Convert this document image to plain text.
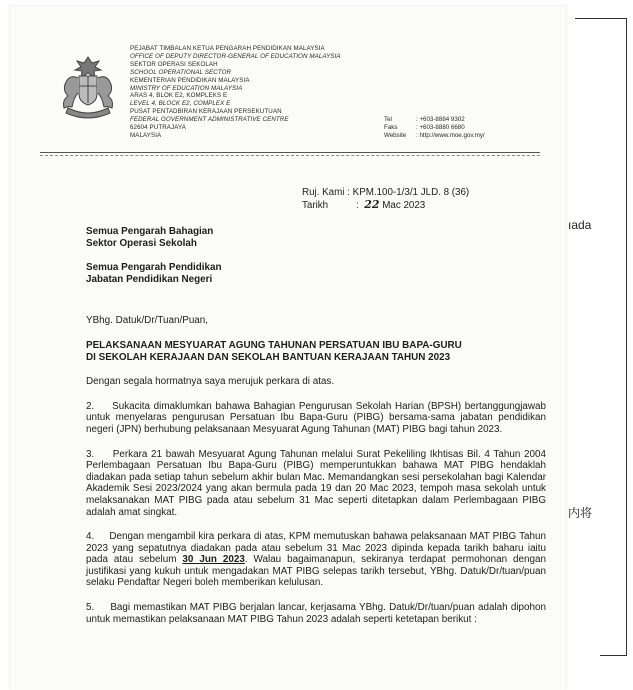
ıada
内将
PEJABAT TIMBALAN KETUA PENGARAH PENDIDIKAN MALAYSIA
OFFICE OF DEPUTY DIRECTOR-GENERAL OF EDUCATION MALAYSIA
SEKTOR OPERASI SEKOLAH
SCHOOL OPERATIONAL SECTOR
KEMENTERIAN PENDIDIKAN MALAYSIA
MINISTRY OF EDUCATION MALAYSIA
ARAS 4, BLOK E2, KOMPLEKS E
LEVEL 4, BLOCK E2, COMPLEX E
PUSAT PENTADBIRAN KERAJAAN PERSEKUTUAN
FEDERAL GOVERNMENT ADMINISTRATIVE CENTRE
62604 PUTRAJAYA
MALAYSIA
Tel	: +603-8884 9302
Faks	: +603-8880 6680
Website : http://www.moe.gov.my/
Ruj. Kami : KPM.100-1/3/1 JLD. 8 (36)
Tarikh	: 22 Mac 2023
Semua Pengarah Bahagian
Sektor Operasi Sekolah
Semua Pengarah Pendidikan
Jabatan Pendidikan Negeri
YBhg. Datuk/Dr/Tuan/Puan,
PELAKSANAAN MESYUARAT AGUNG TAHUNAN PERSATUAN IBU BAPA-GURU
DI SEKOLAH KERAJAAN DAN SEKOLAH BANTUAN KERAJAAN TAHUN 2023
Dengan segala hormatnya saya merujuk perkara di atas.

2.     Sukacita dimaklumkan bahawa Bahagian Pengurusan Sekolah Harian (BPSH) bertanggungjawab untuk menyelaras pengurusan Persatuan Ibu Bapa-Guru (PIBG) bersama-sama jabatan pendidikan negeri (JPN) berhubung pelaksanaan Mesyuarat Agung Tahunan (MAT) PIBG bagi tahun 2023.

3.     Perkara 21 bawah Mesyuarat Agung Tahunan melalui Surat Pekeliling Ikhtisas Bil. 4 Tahun 2004 Perlembagaan Persatuan Ibu Bapa-Guru (PIBG) memperuntukkan bahawa MAT PIBG hendaklah diadakan pada setiap tahun sebelum akhir bulan Mac. Memandangkan sesi persekolahan bagi Kalendar Akademik Sesi 2023/2024 yang akan bermula pada 19 dan 20 Mac 2023, tempoh masa sekolah untuk melaksanakan MAT PIBG pada atau sebelum 31 Mac seperti ditetapkan dalam Perlembagaan PIBG adalah amat singkat.

4.     Dengan mengambil kira perkara di atas, KPM memutuskan bahawa pelaksanaan MAT PIBG Tahun 2023 yang sepatutnya diadakan pada atau sebelum 31 Mac 2023 dipinda kepada tarikh baharu iaitu pada atau sebelum 30 Jun 2023. Walau bagaimanapun, sekiranya terdapat permohonan dengan justifikasi yang kukuh untuk mengadakan MAT PIBG selepas tarikh tersebut, YBhg. Datuk/Dr/tuan/puan selaku Pendaftar Negeri boleh memberikan kelulusan.

5.     Bagi memastikan MAT PIBG berjalan lancar, kerjasama YBhg. Datuk/Dr/tuan/puan adalah dipohon untuk memastikan pelaksanaan MAT PIBG Tahun 2023 adalah seperti ketetapan berikut :
